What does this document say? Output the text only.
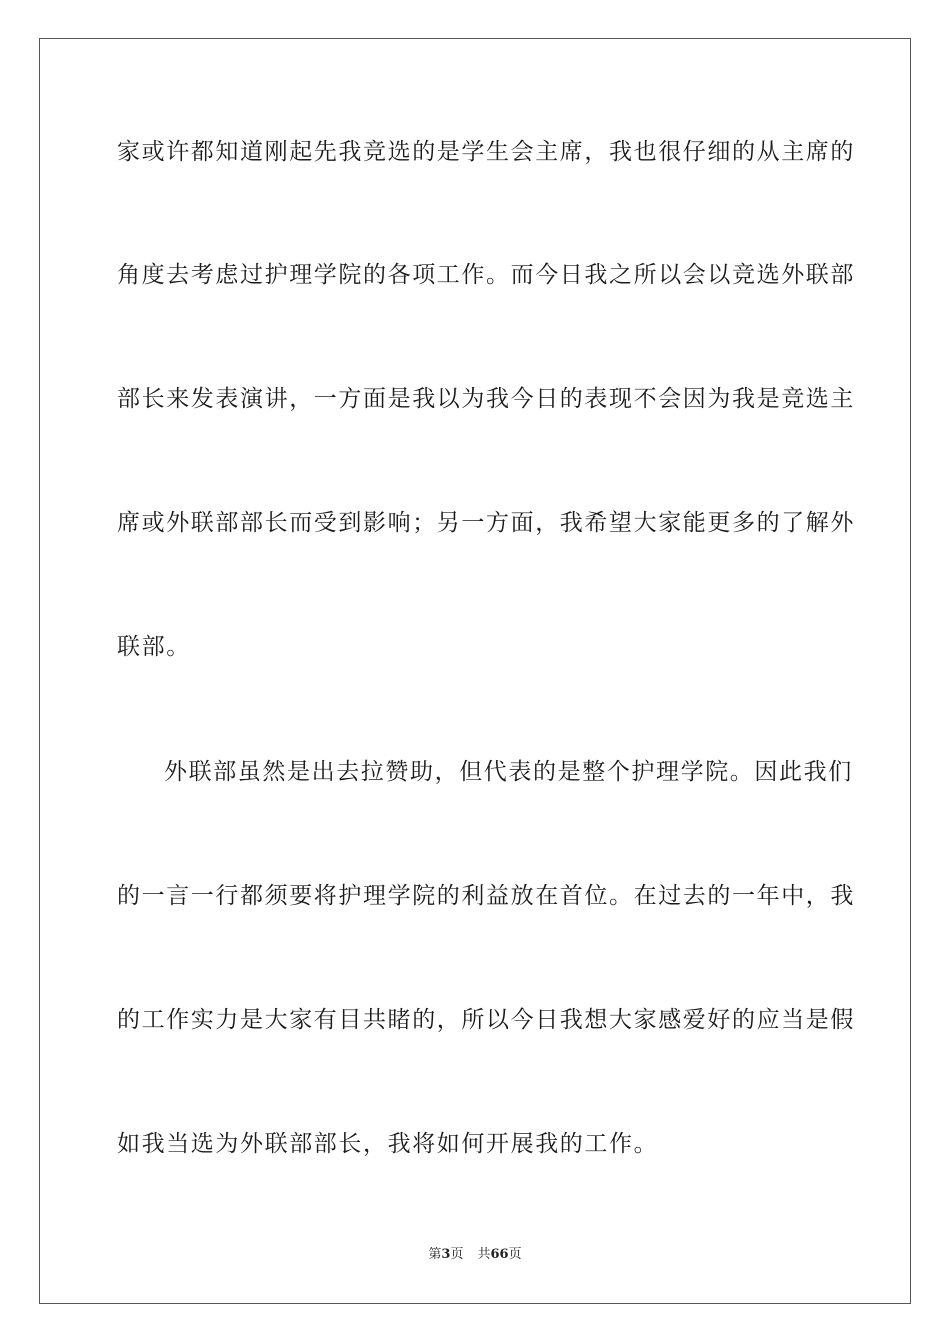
家或许都知道刚起先我竞选的是学生会主席，我也很仔细的从主席的
角度去考虑过护理学院的各项工作。而今日我之所以会以竞选外联部
部长来发表演讲，一方面是我以为我今日的表现不会因为我是竞选主
席或外联部部长而受到影响；另一方面，我希望大家能更多的了解外
联部。
外联部虽然是出去拉赞助，但代表的是整个护理学院。因此我们
的一言一行都须要将护理学院的利益放在首位。在过去的一年中，我
的工作实力是大家有目共睹的，所以今日我想大家感爱好的应当是假
如我当选为外联部部长，我将如何开展我的工作。
第3页 共66页
